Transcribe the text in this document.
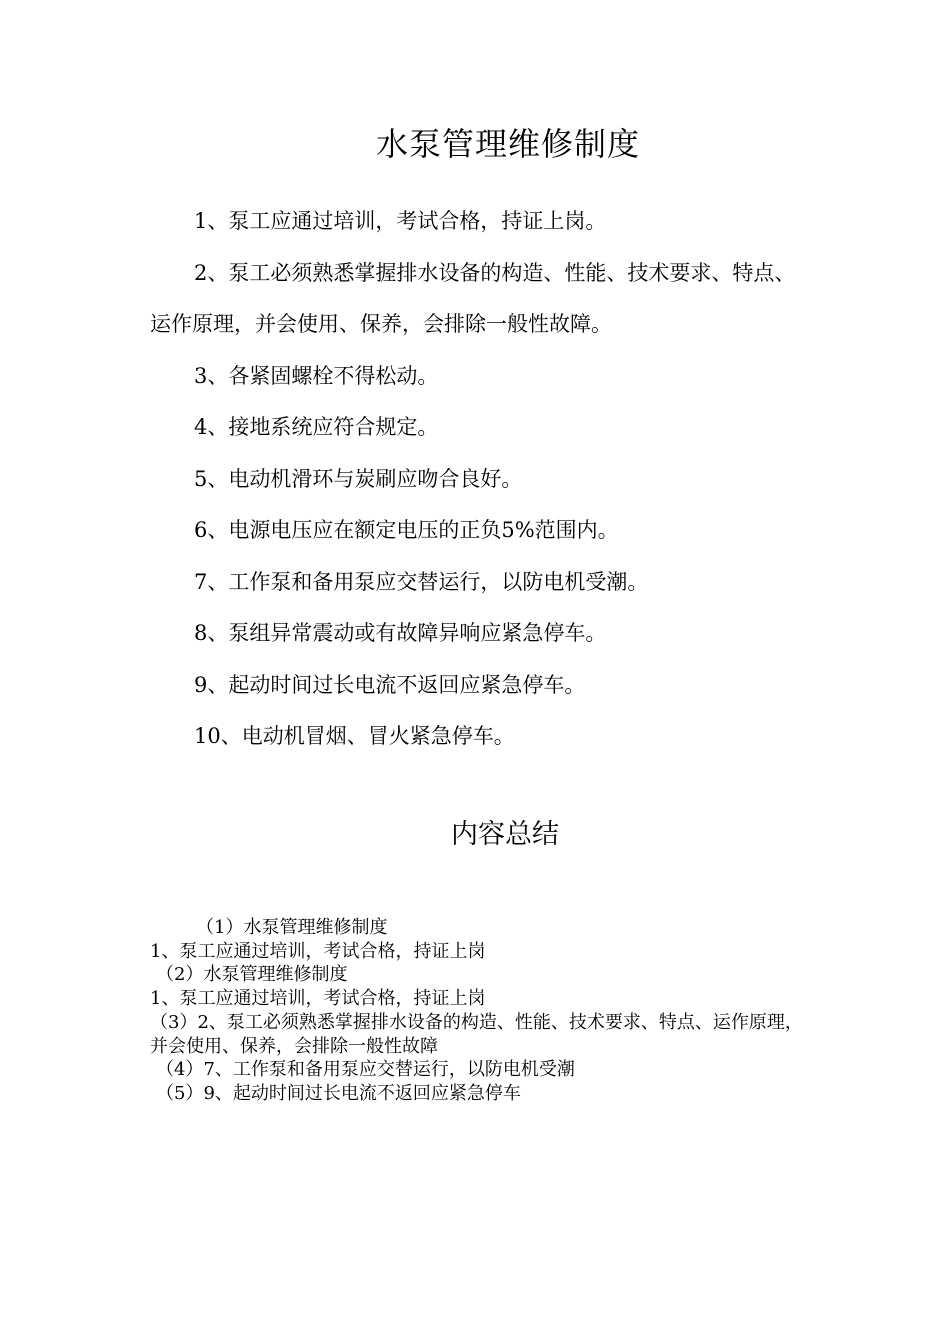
水泵管理维修制度

1、泵工应通过培训，考试合格，持证上岗。

2、泵工必须熟悉掌握排水设备的构造、性能、技术要求、特点、运作原理，并会使用、保养，会排除一般性故障。

3、各紧固螺栓不得松动。

4、接地系统应符合规定。

5、电动机滑环与炭刷应吻合良好。

6、电源电压应在额定电压的正负5%范围内。

7、工作泵和备用泵应交替运行，以防电机受潮。

8、泵组异常震动或有故障异响应紧急停车。

9、起动时间过长电流不返回应紧急停车。

10、电动机冒烟、冒火紧急停车。

内容总结

（1）水泵管理维修制度

1、泵工应通过培训，考试合格，持证上岗

（2）水泵管理维修制度

1、泵工应通过培训，考试合格，持证上岗

（3）2、泵工必须熟悉掌握排水设备的构造、性能、技术要求、特点、运作原理，并会使用、保养，会排除一般性故障

（4）7、工作泵和备用泵应交替运行，以防电机受潮

（5）9、起动时间过长电流不返回应紧急停车
